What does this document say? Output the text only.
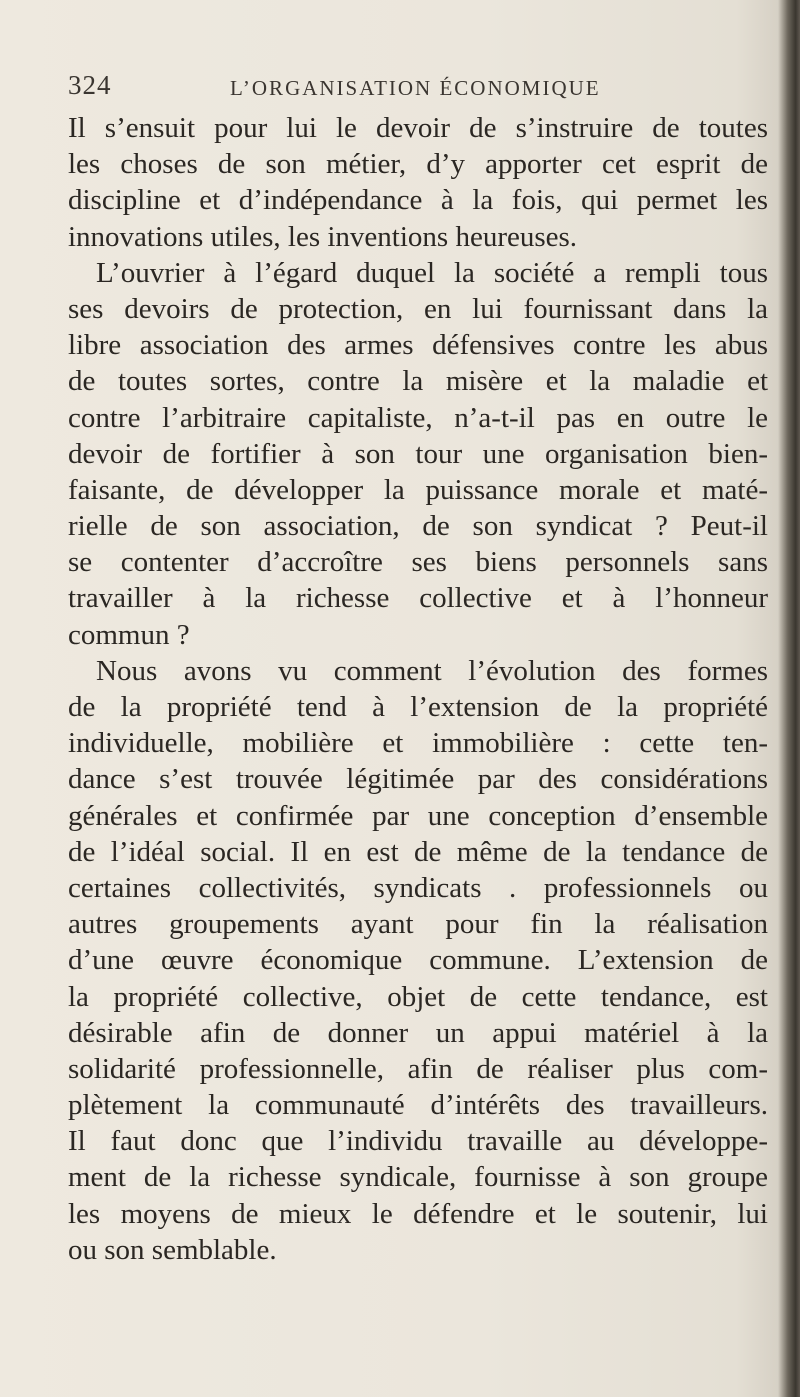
324	L’ORGANISATION ÉCONOMIQUE
Il s’ensuit pour lui le devoir de s’instruire de toutes
les choses de son métier, d’y apporter cet esprit de
discipline et d’indépendance à la fois, qui permet les
innovations utiles, les inventions heureuses.
L’ouvrier à l’égard duquel la société a rempli tous
ses devoirs de protection, en lui fournissant dans la
libre association des armes défensives contre les abus
de toutes sortes, contre la misère et la maladie et
contre l’arbitraire capitaliste, n’a-t-il pas en outre le
devoir de fortifier à son tour une organisation bien-
faisante, de développer la puissance morale et maté-
rielle de son association, de son syndicat ? Peut-il
se contenter d’accroître ses biens personnels sans
travailler à la richesse collective et à l’honneur
commun ?
Nous avons vu comment l’évolution des formes
de la propriété tend à l’extension de la propriété
individuelle, mobilière et immobilière : cette ten-
dance s’est trouvée légitimée par des considérations
générales et confirmée par une conception d’ensemble
de l’idéal social. Il en est de même de la tendance de
certaines collectivités, syndicats . professionnels ou
autres groupements ayant pour fin la réalisation
d’une œuvre économique commune. L’extension de
la propriété collective, objet de cette tendance, est
désirable afin de donner un appui matériel à la
solidarité professionnelle, afin de réaliser plus com-
plètement la communauté d’intérêts des travailleurs.
Il faut donc que l’individu travaille au développe-
ment de la richesse syndicale, fournisse à son groupe
les moyens de mieux le défendre et le soutenir, lui
ou son semblable.
